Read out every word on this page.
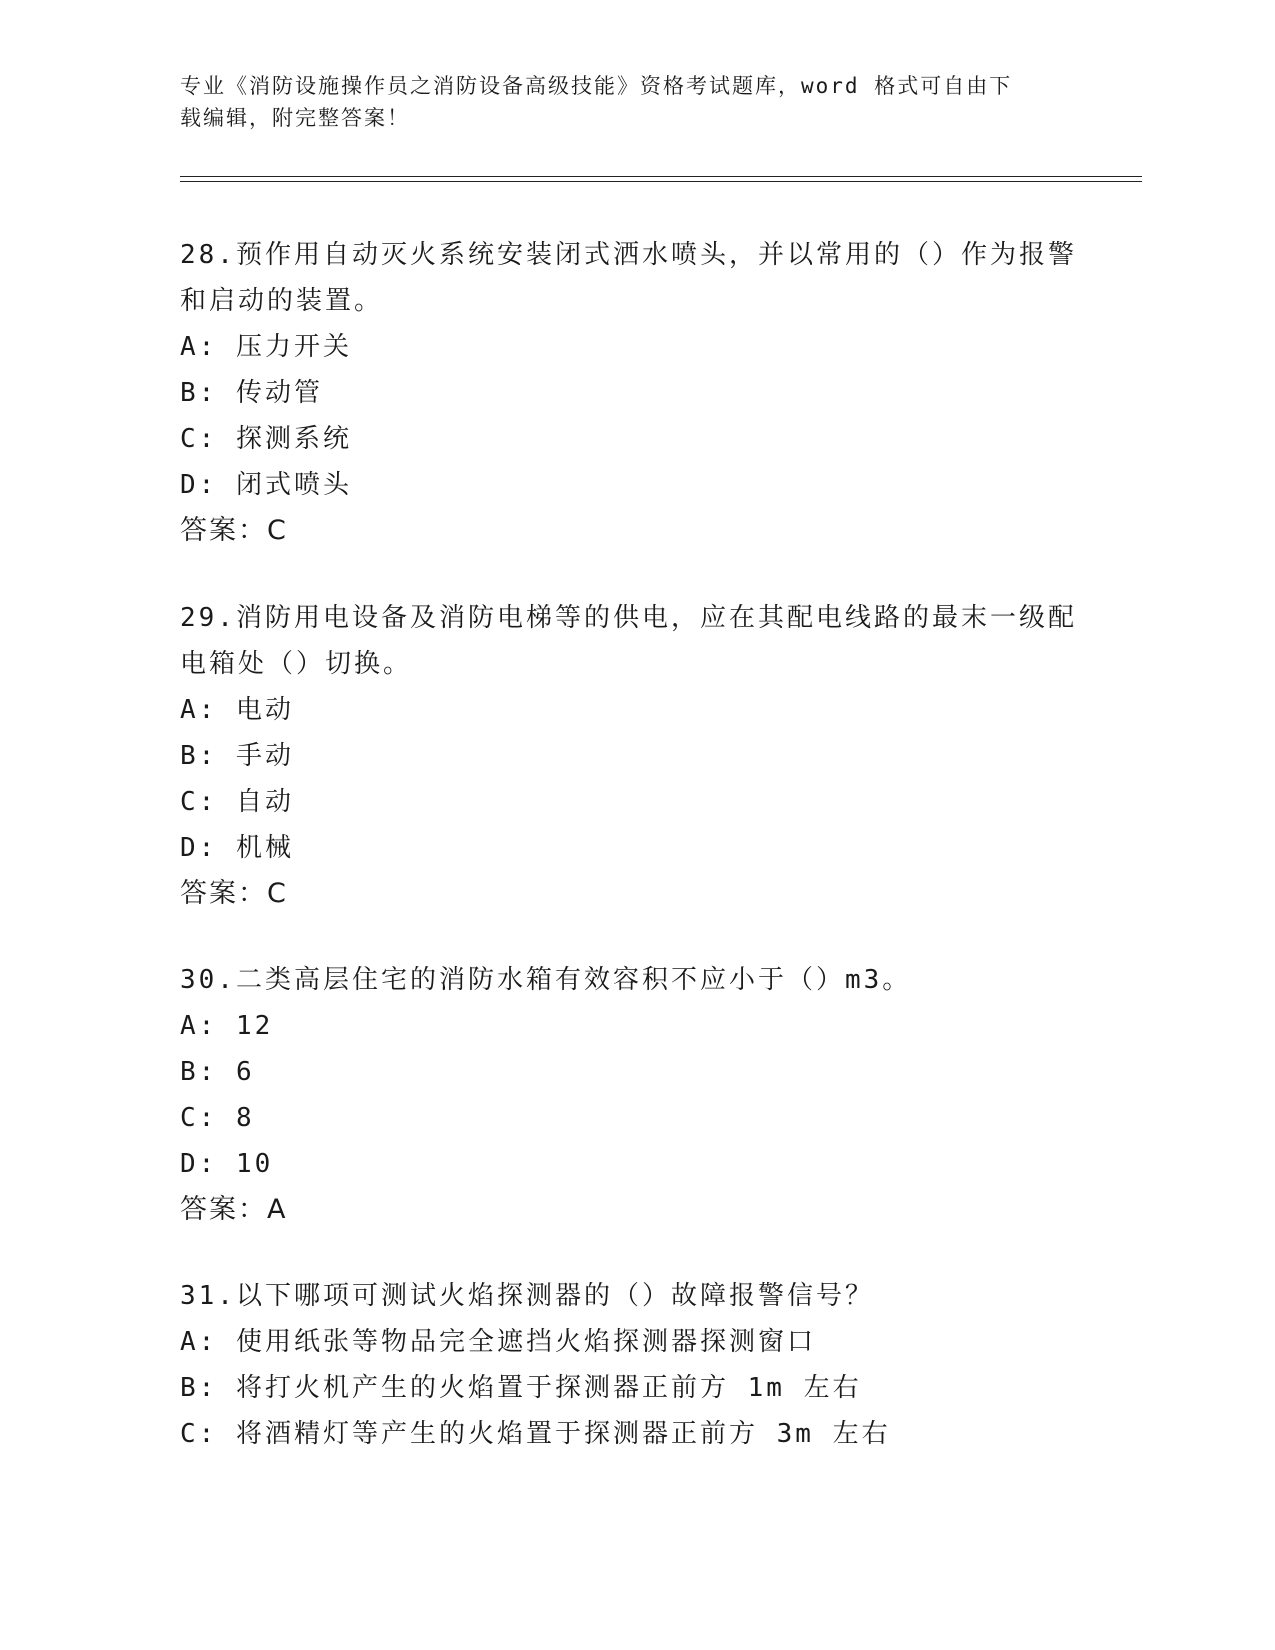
专业《消防设施操作员之消防设备高级技能》资格考试题库，word 格式可自由下
载编辑，附完整答案！

28.预作用自动灭火系统安装闭式洒水喷头，并以常用的（）作为报警

和启动的装置。

A: 压力开关

B: 传动管

C: 探测系统

D: 闭式喷头

答案：C

29.消防用电设备及消防电梯等的供电，应在其配电线路的最末一级配

电箱处（）切换。

A: 电动

B: 手动

C: 自动

D: 机械

答案：C

30.二类高层住宅的消防水箱有效容积不应小于（）m3。

A: 12

B: 6

C: 8

D: 10

答案：A

31.以下哪项可测试火焰探测器的（）故障报警信号？

A: 使用纸张等物品完全遮挡火焰探测器探测窗口

B: 将打火机产生的火焰置于探测器正前方 1m 左右

C: 将酒精灯等产生的火焰置于探测器正前方 3m 左右
